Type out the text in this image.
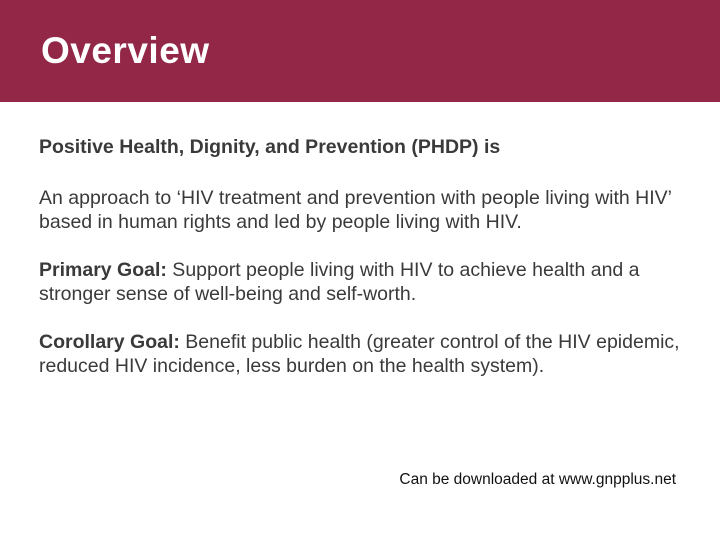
Overview

Positive Health, Dignity, and Prevention (PHDP) is

An approach to ‘HIV treatment and prevention with people living with HIV’ based in human rights and led by people living with HIV.

Primary Goal: Support people living with HIV to achieve health and a stronger sense of well-being and self-worth.

Corollary Goal: Benefit public health (greater control of the HIV epidemic, reduced HIV incidence, less burden on the health system).

Can be downloaded at www.gnpplus.net
